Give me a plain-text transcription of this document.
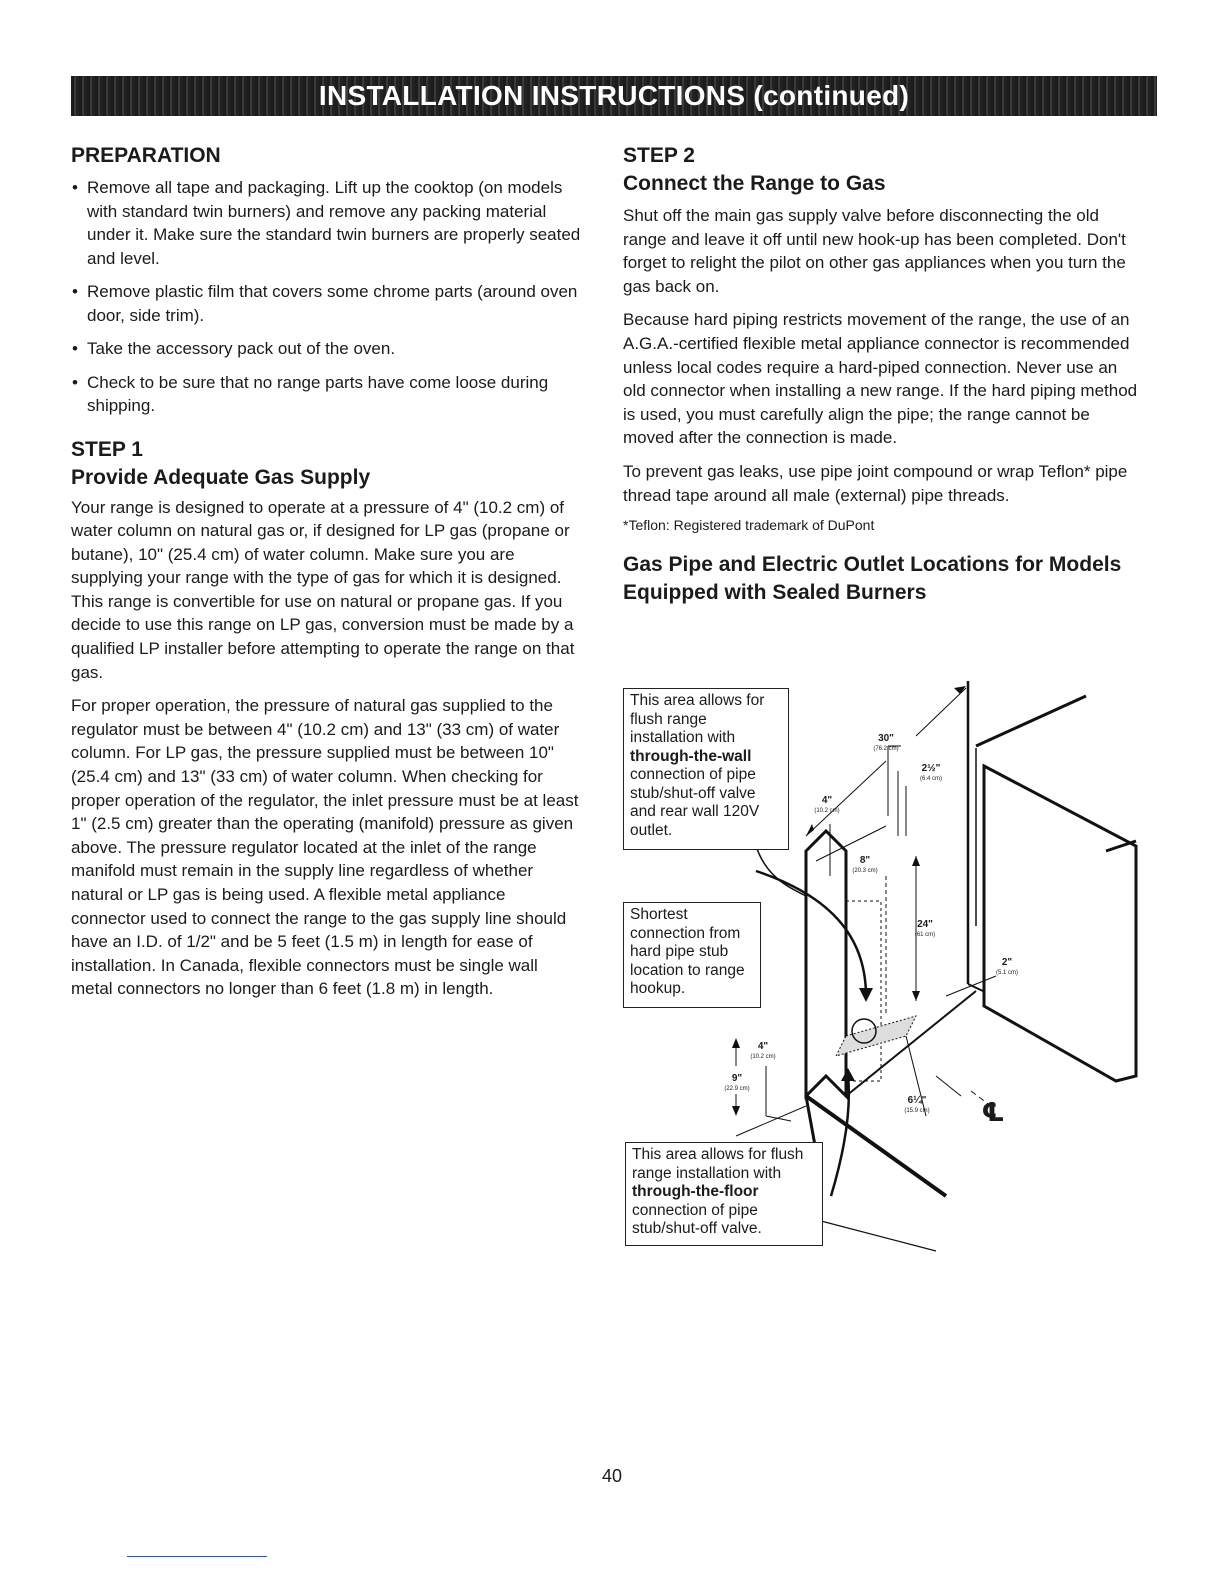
INSTALLATION INSTRUCTIONS (continued)
PREPARATION
• Remove all tape and packaging. Lift up the cooktop (on models with standard twin burners) and remove any packing material under it. Make sure the standard twin burners are properly seated and level.
• Remove plastic film that covers some chrome parts (around oven door, side trim).
• Take the accessory pack out of the oven.
• Check to be sure that no range parts have come loose during shipping.
STEP 1
Provide Adequate Gas Supply

Your range is designed to operate at a pressure of 4" (10.2 cm) of water column on natural gas or, if designed for LP gas (propane or butane), 10" (25.4 cm) of water column. Make sure you are supplying your range with the type of gas for which it is designed. This range is convertible for use on natural or propane gas. If you decide to use this range on LP gas, conversion must be made by a qualified LP installer before attempting to operate the range on that gas.

For proper operation, the pressure of natural gas supplied to the regulator must be between 4" (10.2 cm) and 13" (33 cm) of water column. For LP gas, the pressure supplied must be between 10" (25.4 cm) and 13" (33 cm) of water column. When checking for proper operation of the regulator, the inlet pressure must be at least 1" (2.5 cm) greater than the operating (manifold) pressure as given above. The pressure regulator located at the inlet of the range manifold must remain in the supply line regardless of whether natural or LP gas is being used. A flexible metal appliance connector used to connect the range to the gas supply line should have an I.D. of 1/2" and be 5 feet (1.5 m) in length for ease of installation. In Canada, flexible connectors must be single wall metal connectors no longer than 6 feet (1.8 m) in length.

STEP 2
Connect the Range to Gas

Shut off the main gas supply valve before disconnecting the old range and leave it off until new hook-up has been completed. Don't forget to relight the pilot on other gas appliances when you turn the gas back on.

Because hard piping restricts movement of the range, the use of an A.G.A.-certified flexible metal appliance connector is recommended unless local codes require a hard-piped connection. Never use an old connector when installing a new range. If the hard piping method is used, you must carefully align the pipe; the range cannot be moved after the connection is made.

To prevent gas leaks, use pipe joint compound or wrap Teflon* pipe thread tape around all male (external) pipe threads.

*Teflon: Registered trademark of DuPont
Gas Pipe and Electric Outlet Locations for Models Equipped with Sealed Burners
This area allows for flush range installation with through-the-wall connection of pipe stub/shut-off valve and rear wall 120V outlet.
Shortest connection from hard pipe stub location to range hookup.
This area allows for flush range installation with through-the-floor connection of pipe stub/shut-off valve.
30"
(76.2 cm)
2½"
(6.4 cm)
4"
(10.2 cm)
8"
(20.3 cm)
24"
(61 cm)
2"
(5.1 cm)
4"
(10.2 cm)
9"
(22.9 cm)
6¼"
(15.9 cm) ℄
40
